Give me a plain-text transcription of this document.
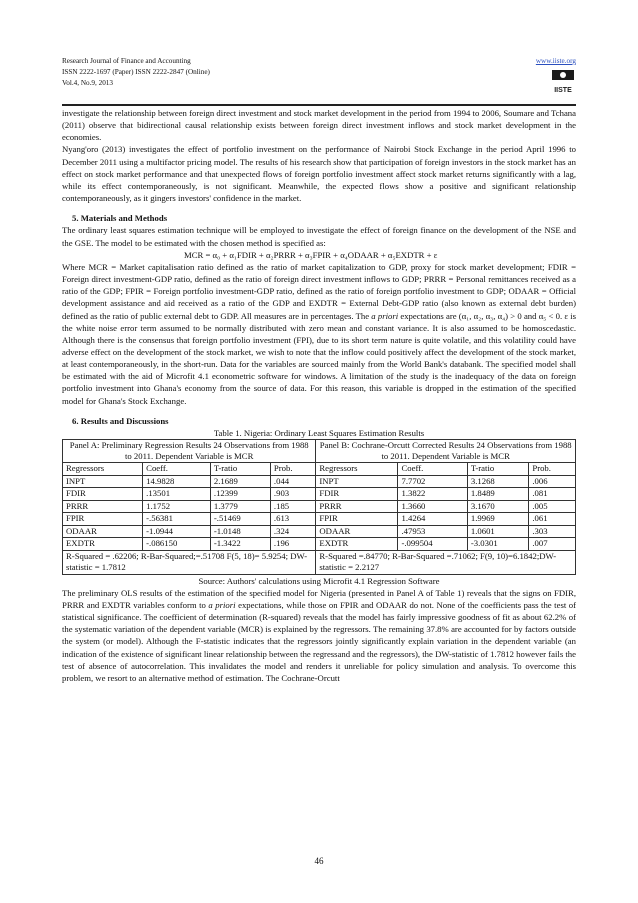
Research Journal of Finance and Accounting
ISSN 2222-1697 (Paper) ISSN 2222-2847 (Online)
Vol.4, No.9, 2013
www.iiste.org
IISTE

investigate the relationship between foreign direct investment and stock market development in the period from 1994 to 2006, Soumare and Tchana (2011) observe that bidirectional causal relationship exists between foreign direct investment inflows and stock market development in the economies.

Nyang'oro (2013) investigates the effect of portfolio investment on the performance of Nairobi Stock Exchange in the period April 1996 to December 2011 using a multifactor pricing model. The results of his research show that participation of foreign investors in the stock market has an effect on stock market performance and that unexpected flows of foreign portfolio investment affect stock market returns significantly with a lag, while its effect contemporaneously, is not significant. Meanwhile, the expected flows show a positive and significant relationship contemporaneously, as it gingers investors' confidence in the market.

5. Materials and Methods

The ordinary least squares estimation technique will be employed to investigate the effect of foreign finance on the development of the NSE and the GSE. The model to be estimated with the chosen method is specified as:

MCR = α₀ + α₁FDIR + α₂PRRR + α₃FPIR + α₄ODAAR + α₅EXDTR + ε

Where MCR = Market capitalisation ratio defined as the ratio of market capitalization to GDP, proxy for stock market development; FDIR = Foreign direct investment-GDP ratio, defined as the ratio of foreign direct investment inflows to GDP; PRRR = Personal remittances received as a ratio of the GDP; FPIR = Foreign portfolio investment-GDP ratio, defined as the ratio of foreign portfolio investment to GDP; ODAAR = Official development assistance and aid received as a ratio of the GDP and EXDTR = External Debt-GDP ratio (also known as external debt burden) defined as the ratio of public external debt to GDP. All measures are in percentages. The a priori expectations are (α₁, α₂, α₃, α₄) > 0 and α₅ < 0. ε is the white noise error term assumed to be normally distributed with zero mean and constant variance. It is also assumed to be homoscedastic. Although there is the consensus that foreign portfolio investment (FPI), due to its short term nature is quite volatile, and this volatility could have adverse effect on the development of the stock market, we wish to note that the inflow could positively affect the development of the stock market, at least contemporaneously, in the short-run. Data for the variables are sourced mainly from the World Bank's databank. The specified model shall be estimated with the aid of Microfit 4.1 econometric software for windows. A limitation of the study is the inadequacy of the data on foreign portfolio investment into Ghana's economy from the source of data. For this reason, this variable is dropped in the estimation of the specified model for Ghana's Stock Exchange.

6. Results and Discussions
Table 1. Nigeria: Ordinary Least Squares Estimation Results
Panel A: Preliminary Regression Results 24 Observations from 1988 to 2011. Dependent Variable is MCR				Panel B: Cochrane-Orcutt Corrected Results 24 Observations from 1988 to 2011. Dependent Variable is MCR			
Regressors	Coeff.	T-ratio	Prob.	Regressors	Coeff.	T-ratio	Prob.
INPT	14.9828	2.1689	.044	INPT	7.7702	3.1268	.006
FDIR	.13501	.12399	.903	FDIR	1.3822	1.8489	.081
PRRR	1.1752	1.3779	.185	PRRR	1.3660	3.1670	.005
FPIR	-.56381	-.51469	.613	FPIR	1.4264	1.9969	.061
ODAAR	-1.0944	-1.0148	.324	ODAAR	.47953	1.0601	.303
EXDTR	-.086150	-1.3422	.196	EXDTR	-.099504	-3.0301	.007
R-Squared = .62206; R-Bar-Squared;=.51708 F(5, 18)= 5.9254; DW-statistic = 1.7812				R-Squared =.84770; R-Bar-Squared =.71062; F(9, 10)=6.1842;DW-statistic = 2.2127			
Source: Authors' calculations using Microfit 4.1 Regression Software

The preliminary OLS results of the estimation of the specified model for Nigeria (presented in Panel A of Table 1) reveals that the signs on FDIR, PRRR and EXDTR variables conform to a priori expectations, while those on FPIR and ODAAR do not. None of the coefficients pass the test of statistical significance. The coefficient of determination (R-squared) reveals that the model has fairly impressive goodness of fit as about 62.2% of the systematic variation of the dependent variable (MCR) is explained by the regressors. The remaining 37.8% are accounted for by factors outside the system (or model). Although the F-statistic indicates that the regressors jointly significantly explain variation in the dependent variable (an indication of the existence of significant linear relationship between the regressand and the regressors), the DW-statistic of 1.7812 however fails the test of absence of autocorrelation. This invalidates the model and renders it unreliable for policy simulation and analysis. To overcome this problem, we resort to an alternative method of estimation. The Cochrane-Orcutt

46
